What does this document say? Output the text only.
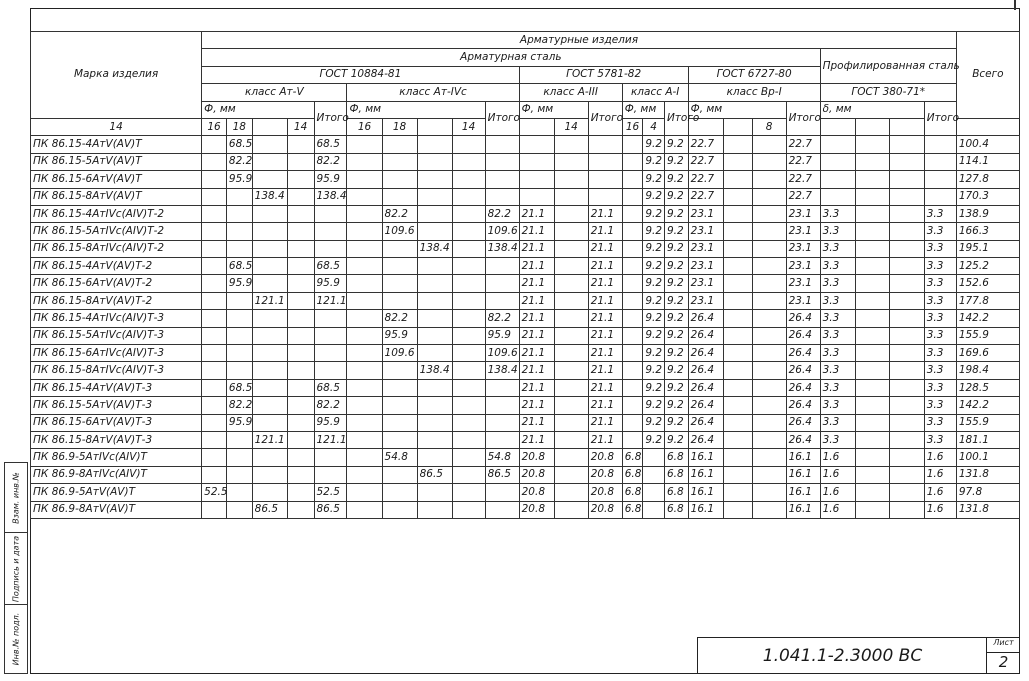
Марка изделия	Арматурные изделия																								Всего
	Арматурная сталь																				Профилированная сталь				
	ГОСТ 10884-81										ГОСТ 5781-82						ГОСТ 6727-80								
	класс Ат-V					класс Ат-IVc					класс A-III			класс A-I			класс Вр-I				ГОСТ 380-71*				
	Ф, мм				Итого	Ф, мм				Итого	Ф, мм		Итого	Ф, мм		Итого	Ф, мм			Итого	δ, мм			Итого	
14	16	18		14		16	18		14			14		16	4				8						
ПК 86.15-4АтV(АV)Т		68.5			68.5										9.2	9.2	22.7			22.7					100.4
ПК 86.15-5АтV(АV)Т		82.2			82.2										9.2	9.2	22.7			22.7					114.1
ПК 86.15-6АтV(АV)Т		95.9			95.9										9.2	9.2	22.7			22.7					127.8
ПК 86.15-8АтV(АV)Т			138.4		138.4										9.2	9.2	22.7			22.7					170.3
ПК 86.15-4АтIVс(АIV)Т-2							82.2			82.2	21.1		21.1		9.2	9.2	23.1			23.1	3.3			3.3	138.9
ПК 86.15-5АтIVс(АIV)Т-2							109.6			109.6	21.1		21.1		9.2	9.2	23.1			23.1	3.3			3.3	166.3
ПК 86.15-8АтIVс(АIV)Т-2								138.4		138.4	21.1		21.1		9.2	9.2	23.1			23.1	3.3			3.3	195.1
ПК 86.15-4АтV(АV)Т-2		68.5			68.5						21.1		21.1		9.2	9.2	23.1			23.1	3.3			3.3	125.2
ПК 86.15-6АтV(АV)Т-2		95.9			95.9						21.1		21.1		9.2	9.2	23.1			23.1	3.3			3.3	152.6
ПК 86.15-8АтV(АV)Т-2			121.1		121.1						21.1		21.1		9.2	9.2	23.1			23.1	3.3			3.3	177.8
ПК 86.15-4АтIVс(АIV)Т-3							82.2			82.2	21.1		21.1		9.2	9.2	26.4			26.4	3.3			3.3	142.2
ПК 86.15-5АтIVс(АIV)Т-3							95.9			95.9	21.1		21.1		9.2	9.2	26.4			26.4	3.3			3.3	155.9
ПК 86.15-6АтIVс(АIV)Т-3							109.6			109.6	21.1		21.1		9.2	9.2	26.4			26.4	3.3			3.3	169.6
ПК 86.15-8АтIVс(АIV)Т-3								138.4		138.4	21.1		21.1		9.2	9.2	26.4			26.4	3.3			3.3	198.4
ПК 86.15-4АтV(АV)Т-3		68.5			68.5						21.1		21.1		9.2	9.2	26.4			26.4	3.3			3.3	128.5
ПК 86.15-5АтV(АV)Т-3		82.2			82.2						21.1		21.1		9.2	9.2	26.4			26.4	3.3			3.3	142.2
ПК 86.15-6АтV(АV)Т-3		95.9			95.9						21.1		21.1		9.2	9.2	26.4			26.4	3.3			3.3	155.9
ПК 86.15-8АтV(АV)Т-3			121.1		121.1						21.1		21.1		9.2	9.2	26.4			26.4	3.3			3.3	181.1
ПК 86.9-5АтIVс(АIV)Т							54.8			54.8	20.8		20.8	6.8		6.8	16.1			16.1	1.6			1.6	100.1
ПК 86.9-8АтIVс(АIV)Т								86.5		86.5	20.8		20.8	6.8		6.8	16.1			16.1	1.6			1.6	131.8
ПК 86.9-5АтV(АV)Т	52.5				52.5						20.8		20.8	6.8		6.8	16.1			16.1	1.6			1.6	97.8
ПК 86.9-8АтV(АV)Т			86.5		86.5						20.8		20.8	6.8		6.8	16.1			16.1	1.6			1.6	131.8
1.041.1-2.3000 ВС
Лист
2
Взам. инв.№
Подпись и дата
Инв.№ подл.
